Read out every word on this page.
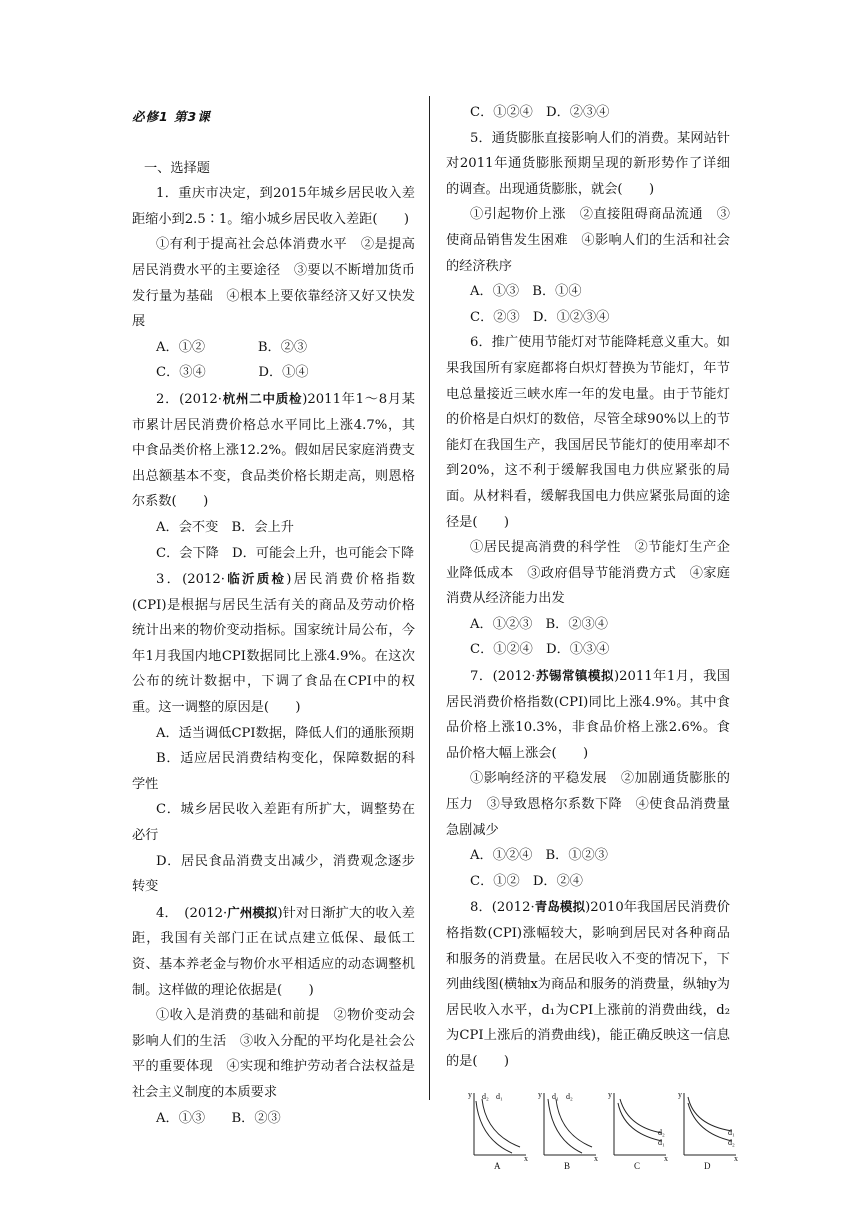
必修1 第3课

一、选择题

1．重庆市决定，到2015年城乡居民收入差距缩小到2.5∶1。缩小城乡居民收入差距(　　)

①有利于提高社会总体消费水平　②是提高居民消费水平的主要途径　③要以不断增加货币发行量为基础　④根本上要依靠经济又好又快发展

A．①②　　　　B．②③

C．③④　　　　D．①④

2．(2012·杭州二中质检)2011年1～8月某市累计居民消费价格总水平同比上涨4.7%，其中食品类价格上涨12.2%。假如居民家庭消费支出总额基本不变，食品类价格长期走高，则恩格尔系数(　　)

A．会不变　B．会上升

C．会下降　D．可能会上升，也可能会下降

3．(2012·临沂质检)居民消费价格指数(CPI)是根据与居民生活有关的商品及劳动价格统计出来的物价变动指标。国家统计局公布，今年1月我国内地CPI数据同比上涨4.9%。在这次公布的统计数据中，下调了食品在CPI中的权重。这一调整的原因是(　　)

A．适当调低CPI数据，降低人们的通胀预期

B．适应居民消费结构变化，保障数据的科学性

C．城乡居民收入差距有所扩大，调整势在必行

D．居民食品消费支出减少，消费观念逐步转变

4．　(2012·广州模拟)针对日渐扩大的收入差距，我国有关部门正在试点建立低保、最低工资、基本养老金与物价水平相适应的动态调整机制。这样做的理论依据是(　　)

①收入是消费的基础和前提　②物价变动会影响人们的生活　③收入分配的平均化是社会公平的重要体现　④实现和维护劳动者合法权益是社会主义制度的本质要求

A．①③　　B．②③

C．①②④　D．②③④

5．通货膨胀直接影响人们的消费。某网站针对2011年通货膨胀预期呈现的新形势作了详细的调查。出现通货膨胀，就会(　　)

①引起物价上涨　②直接阻碍商品流通　③使商品销售发生困难　④影响人们的生活和社会的经济秩序

A．①③　B．①④

C．②③　D．①②③④

6．推广使用节能灯对节能降耗意义重大。如果我国所有家庭都将白炽灯替换为节能灯，年节电总量接近三峡水库一年的发电量。由于节能灯的价格是白炽灯的数倍，尽管全球90%以上的节能灯在我国生产，我国居民节能灯的使用率却不到20%，这不利于缓解我国电力供应紧张的局面。从材料看，缓解我国电力供应紧张局面的途径是(　　)

①居民提高消费的科学性　②节能灯生产企业降低成本　③政府倡导节能消费方式　④家庭消费从经济能力出发

A．①②③　B．②③④

C．①②④　D．①③④

7．(2012·苏锡常镇模拟)2011年1月，我国居民消费价格指数(CPI)同比上涨4.9%。其中食品价格上涨10.3%，非食品价格上涨2.6%。食品价格大幅上涨会(　　)

①影响经济的平稳发展　②加剧通货膨胀的压力　③导致恩格尔系数下降　④使食品消费量急剧减少

A．①②④　B．①②③

C．①②　D．②④

8．(2012·青岛模拟)2010年我国居民消费价格指数(CPI)涨幅较大，影响到居民对各种商品和服务的消费量。在居民收入不变的情况下，下列曲线图(横轴x为商品和服务的消费量，纵轴y为居民收入水平，d₁为CPI上涨前的消费曲线，d₂为CPI上涨后的消费曲线)，能正确反映这一信息的是(　　)

y
x
d₂ d₁
A
y
x
d₁ d₂
B
y
x
d₂
d₁
C
y
x
d₁
d₂
D
